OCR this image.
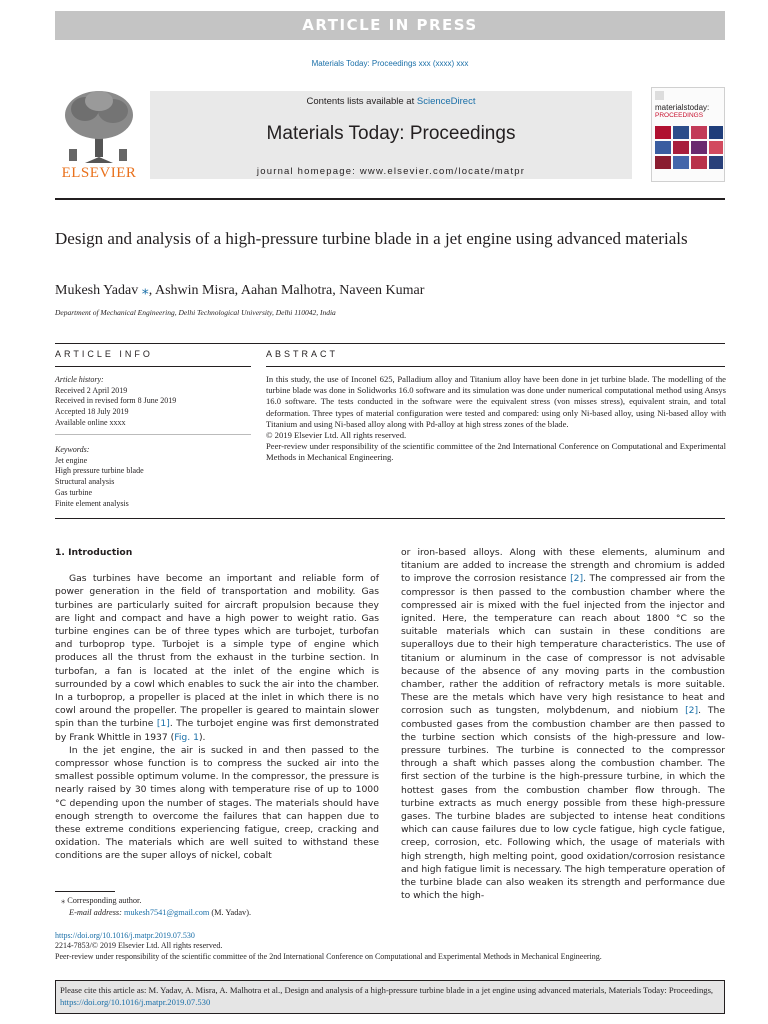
ARTICLE IN PRESS
Materials Today: Proceedings xxx (xxxx) xxx
ELSEVIER
Contents lists available at ScienceDirect
Materials Today: Proceedings
journal homepage: www.elsevier.com/locate/matpr
materialstoday:
PROCEEDINGS
Design and analysis of a high-pressure turbine blade in a jet engine using advanced materials
Mukesh Yadav ⁎, Ashwin Misra, Aahan Malhotra, Naveen Kumar
Department of Mechanical Engineering, Delhi Technological University, Delhi 110042, India
ARTICLE INFO	ABSTRACT
Article history:
Received 2 April 2019
Received in revised form 8 June 2019
Accepted 18 July 2019
Available online xxxx
Keywords:
Jet engine
High pressure turbine blade
Structural analysis
Gas turbine
Finite element analysis
In this study, the use of Inconel 625, Palladium alloy and Titanium alloy have been done in jet turbine blade. The modelling of the turbine blade was done in Solidworks 16.0 software and its simulation was done under numerical computational method using Ansys 16.0 software. The tests conducted in the software were the equivalent stress (von misses stress), equivalent strain, and total deformation. Three types of material configuration were tested and compared: using only Ni-based alloy, using Ni-based alloy with Titanium and using Ni-based alloy along with Pd-alloy at high stress zones of the blade.
© 2019 Elsevier Ltd. All rights reserved.
Peer-review under responsibility of the scientific committee of the 2nd International Conference on Computational and Experimental Methods in Mechanical Engineering.
1. Introduction

Gas turbines have become an important and reliable form of power generation in the field of transportation and mobility. Gas turbines are particularly suited for aircraft propulsion because they are light and compact and have a high power to weight ratio. Gas turbine engines can be of three types which are turbojet, turbofan and turboprop type. Turbojet is a simple type of engine which produces all the thrust from the exhaust in the turbine section. In turbofan, a fan is located at the inlet of the engine which is surrounded by a cowl which enables to suck the air into the chamber. In a turboprop, a propeller is placed at the inlet in which there is no cowl around the propeller. The propeller is geared to maintain slower spin than the turbine [1]. The turbojet engine was first demonstrated by Frank Whittle in 1937 (Fig. 1).

In the jet engine, the air is sucked in and then passed to the compressor whose function is to compress the sucked air into the smallest possible optimum volume. In the compressor, the pressure is nearly raised by 30 times along with temperature rise of up to 1000 °C depending upon the number of stages. The materials should have enough strength to overcome the failures that can happen due to these extreme conditions experiencing fatigue, creep, cracking and oxidation. The materials which are well suited to withstand these conditions are the super alloys of nickel, cobalt

or iron-based alloys. Along with these elements, aluminum and titanium are added to increase the strength and chromium is added to improve the corrosion resistance [2]. The compressed air from the compressor is then passed to the combustion chamber where the compressed air is mixed with the fuel injected from the injector and ignited. Here, the temperature can reach about 1800 °C so the suitable materials which can sustain in these conditions are superalloys due to their high temperature characteristics. The use of titanium or aluminum in the case of compressor is not advisable because of the absence of any moving parts in the combustion chamber, rather the addition of refractory metals is more suitable. These are the metals which have very high resistance to heat and corrosion such as tungsten, molybdenum, and niobium [2]. The combusted gases from the combustion chamber are then passed to the turbine section which consists of the high-pressure and low-pressure turbines. The turbine is connected to the compressor through a shaft which passes along the combustion chamber. The first section of the turbine is the high-pressure turbine, in which the hottest gases from the combustion chamber flow through. The turbine extracts as much energy possible from these high-pressure gases. The turbine blades are subjected to intense heat conditions which can cause failures due to low cycle fatigue, high cycle fatigue, creep, corrosion, etc. Following which, the usage of materials with high strength, high melting point, good oxidation/corrosion resistance and high fatigue limit is necessary. The high temperature operation of the turbine blade can also weaken its strength and performance due to which the high-

⁎ Corresponding author.
E-mail address: mukesh7541@gmail.com (M. Yadav).
https://doi.org/10.1016/j.matpr.2019.07.530
2214-7853/© 2019 Elsevier Ltd. All rights reserved.
Peer-review under responsibility of the scientific committee of the 2nd International Conference on Computational and Experimental Methods in Mechanical Engineering.
Please cite this article as: M. Yadav, A. Misra, A. Malhotra et al., Design and analysis of a high-pressure turbine blade in a jet engine using advanced materials, Materials Today: Proceedings, https://doi.org/10.1016/j.matpr.2019.07.530
